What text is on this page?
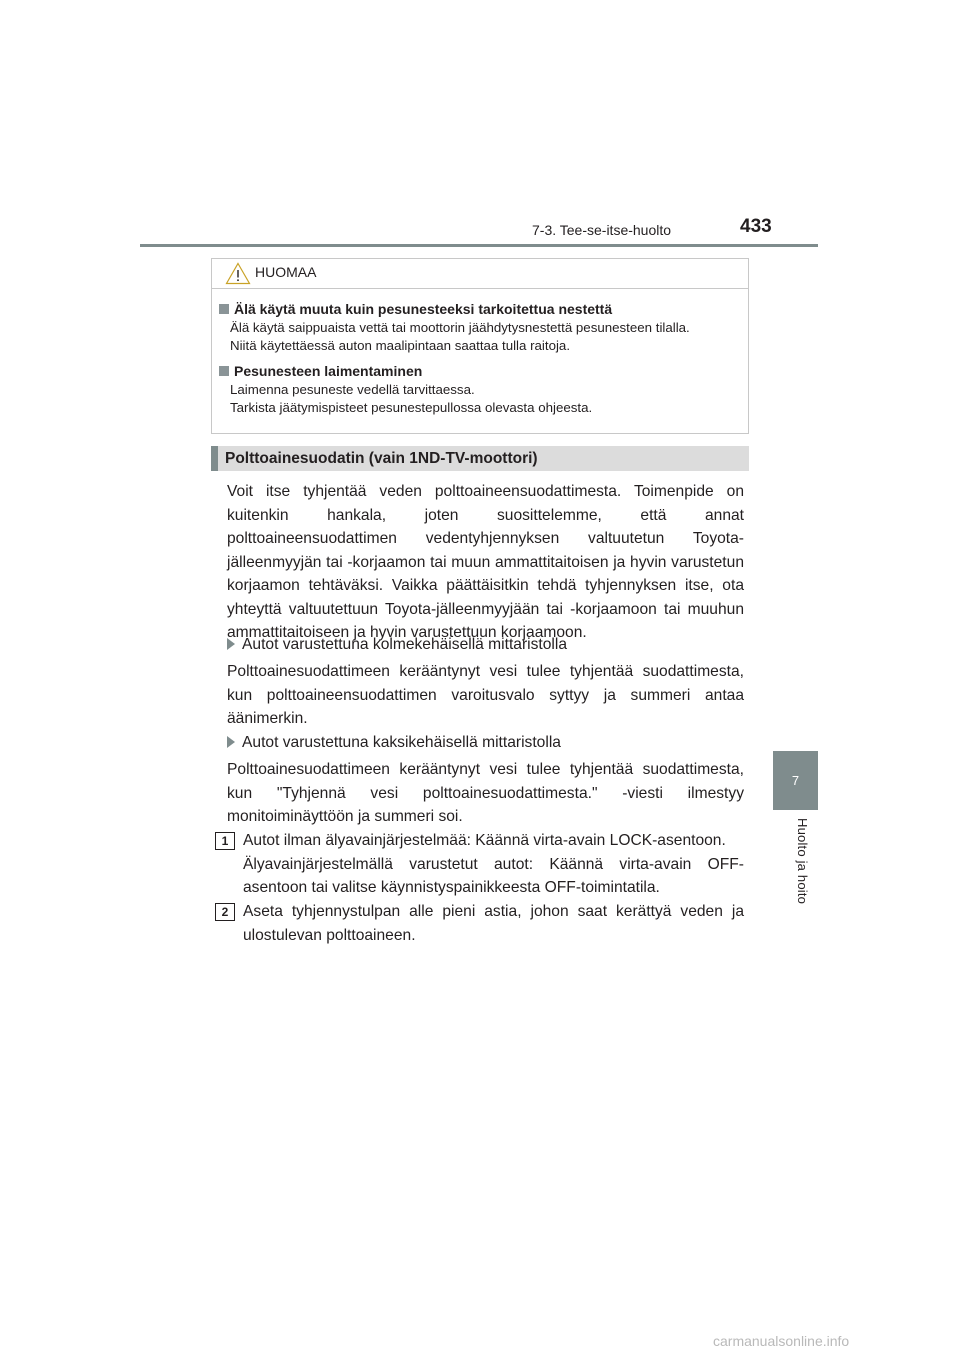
7-3. Tee-se-itse-huolto	433
7
Huolto ja hoito
HUOMAA
Älä käytä muuta kuin pesunesteeksi tarkoitettua nestettä
Älä käytä saippuaista vettä tai moottorin jäähdytysnestettä pesunesteen tilalla.
Niitä käytettäessä auton maalipintaan saattaa tulla raitoja.
Pesunesteen laimentaminen
Laimenna pesuneste vedellä tarvittaessa.
Tarkista jäätymispisteet pesunestepullossa olevasta ohjeesta.
Polttoainesuodatin (vain 1ND-TV-moottori)
Voit itse tyhjentää veden polttoaineensuodattimesta. Toimenpide on kuitenkin hankala, joten suosittelemme, että annat polttoaineensuodattimen vedentyhjennyksen valtuutetun Toyota-jälleenmyyjän tai -korjaamon tai muun ammattitaitoisen ja hyvin varustetun korjaamon tehtäväksi. Vaikka päättäisitkin tehdä tyhjennyksen itse, ota yhteyttä valtuutettuun Toyota-jälleenmyyjään tai -korjaamoon tai muuhun ammattitaitoiseen ja hyvin varustettuun korjaamoon.
Autot varustettuna kolmekehäisellä mittaristolla
Polttoainesuodattimeen kerääntynyt vesi tulee tyhjentää suodattimesta, kun polttoaineensuodattimen varoitusvalo syttyy ja summeri antaa äänimerkin.
Autot varustettuna kaksikehäisellä mittaristolla
Polttoainesuodattimeen kerääntynyt vesi tulee tyhjentää suodattimesta, kun "Tyhjennä vesi polttoainesuodattimesta." -viesti ilmestyy monitoiminäyttöön ja summeri soi.
1 Autot ilman älyavainjärjestelmää: Käännä virta-avain LOCK-asentoon.
Älyavainjärjestelmällä varustetut autot: Käännä virta-avain OFF-asentoon tai valitse käynnistyspainikkeesta OFF-toimintatila.
2 Aseta tyhjennystulpan alle pieni astia, johon saat kerättyä veden ja ulostulevan polttoaineen.
carmanualsonline.info
